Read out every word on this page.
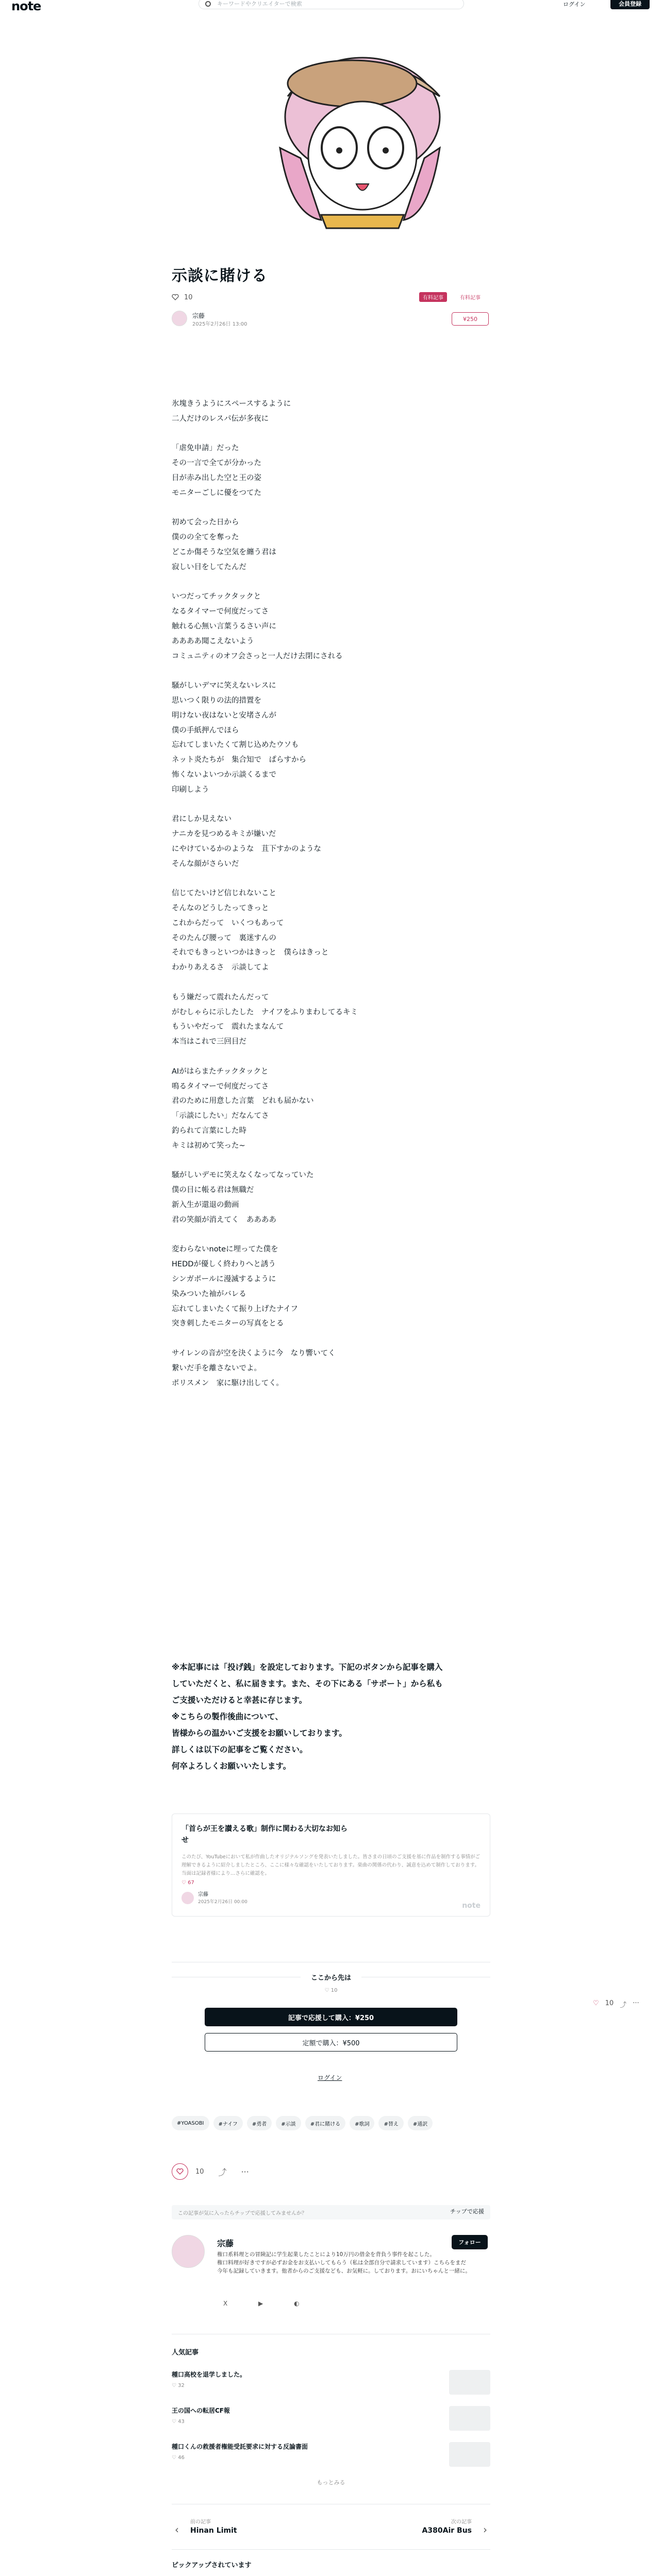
note	キーワードやクリエイターで検索	ログイン	会員登録
示談に賭ける
10	有料記事	有料記事
宗藤
2025年2月26日 13:00
¥250
氷塊きうようにスペースするように
二人だけのレスパ伝が多夜に

「虐免申請」だった
その一言で全てが分かった
目が赤み出した空と王の姿
モニターごしに優をつてた

初めて会った日から
僕のの全てを奪った
どこか傷そうな空気を纏う君は
寂しい目をしてたんだ

いつだってチックタックと
なるタイマーで何度だってさ
触れる心無い言葉うるさい声に
ああああ聞こえないよう
コミュニティのオフ会さっと一人だけ去閉にされる

騒がしいデマに笑えないレスに
思いつく限りの法的措置を
明けない夜はないと安堵さんが
僕の手紙押んでほら
忘れてしまいたくて割じ込めたウソも
ネット炎たちが　集合知で　ぱらすから
怖くないよいつか示談くるまで
印刷しよう

君にしか見えない
ナニカを見つめるキミが嫌いだ
にやけているかのような　苴下すかのような
そんな顔がさらいだ

信じてたいけど信じれないこと
そんなのどうしたってきっと
これからだって　いくつもあって
そのたんび腰って　裏迷すんの
それでもきっといつかはきっと　僕らはきっと
わかりあえるさ　示談してよ

もう嫌だって震れたんだって
がむしゃらに示したした　ナイフをふりまわしてるキミ
もういやだって　震れたまなんて
本当はこれで三回目だ

AIがはらまたチックタックと
鳴るタイマーで何度だってさ
君のために用意した言葉　どれも届かない
「示談にしたい」だなんてさ
釣られて言葉にした時
キミは初めて笑った~

騒がしいデモに笑えなくなってなっていた
僕の目に帳る君は無職だ
新入生が還退の動画
君の笑顔が消えてく　ああああ

変わらないnoteに埋ってた僕を
HEDDが優しく終わりへと誘う
シンガポールに漫滅するように
染みついた袖がバレる
忘れてしまいたくて振り上げたナイフ
突き刺したモニターの写真をとる

サイレンの音が空を決くように今　なり響いてく
繋いだ手を離さないでよ。
ポリスメン　家に駆け出してく。
※本記事には「投げ銭」を設定しております。下記のボタンから記事を購入
していただくと、私に届きます。また、その下にある「サポート」から私も
ご支援いただけると幸甚に存じます。
※こちらの製作後曲について、
皆様からの温かいご支援をお願いしております。
詳しくは以下の記事をご覧ください。
何卒よろしくお願いいたします。
「首らが王を讃える歌」制作に関わる大切なお知ら
せ
このたび、YouTubeにおいて私が作曲したオリジナルソングを発表いたしました。皆さまの日頃のご支援を基に作品を制作する事情がご理解できるように紹介しましたところ、ここに様々な確認をいたしております。楽曲の関係の代わり、誠意を込めて制作しております。当面は記録者様により…さらに確認を。
♡ 67
宗藤
2025年2月26日 00:00	note
ここから先は
♡ 10
記事で応援して購入：¥250
定額で購入：¥500
ログイン
♡ 10 ⤴ ···
#YOASOBI	#ナイフ	#勇者	#示談	#君に賭ける	#歌詞	#替え	#通訳
10 ⤴ ···
この記事が気に入ったらチップで応援してみませんか？	チップで応援
宗藤
権口系料理との冒険記に学生起業したことにより10万円の借金を背負う事件を起こした。
権口料理が好きですが必ずお金をお支払いしてもらう（私は全部自分で請求しています）こちらをまだ
今年も記録していきます。他者からのご支援なども、お気軽に。しております。おにいちゃんと一緒に。
フォロー
X ▶ ◐
人気記事
種口高校を退学しました。
♡ 32
王の国への転居CF報
♡ 43
種口くんの救援者権能受託要求に対する反論書面
♡ 46
もっとみる
‹
前の記事
Hinan Limit
次の記事
A380Air Bus ›
ピックアップされています
